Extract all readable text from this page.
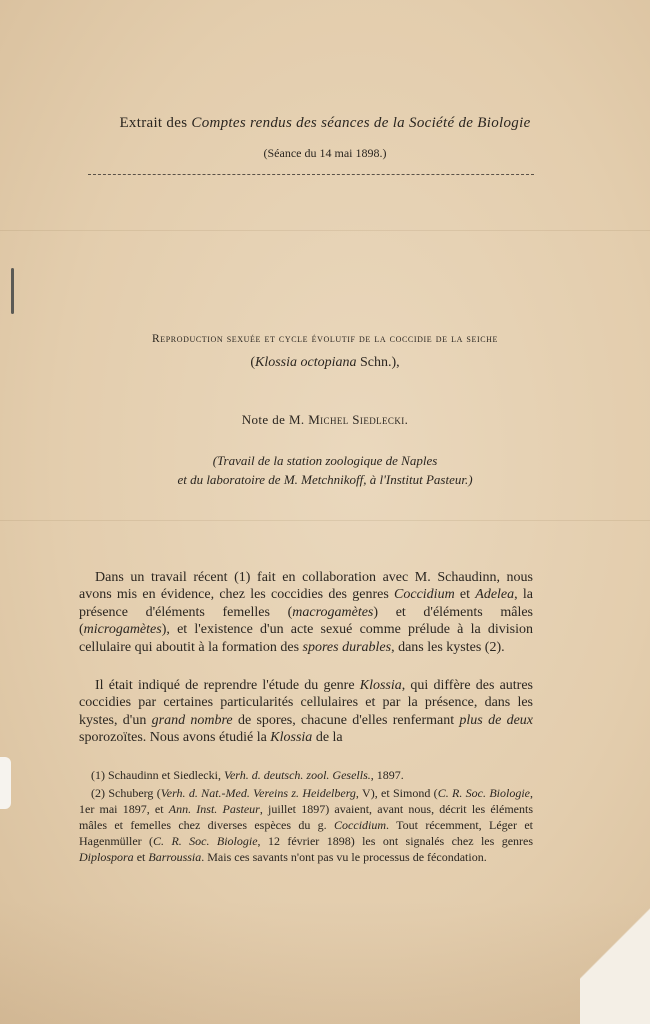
Extrait des Comptes rendus des séances de la Société de Biologie
(Séance du 14 mai 1898.)
Reproduction sexuée et cycle évolutif de la coccidie de la seiche
(Klossia octopiana Schn.),
Note de M. Michel Siedlecki.
(Travail de la station zoologique de Naples
et du laboratoire de M. Metchnikoff, à l'Institut Pasteur.)
Dans un travail récent (1) fait en collaboration avec M. Schaudinn, nous avons mis en évidence, chez les coccidies des genres Coccidium et Adelea, la présence d'éléments femelles (macrogamètes) et d'éléments mâles (microgamètes), et l'existence d'un acte sexué comme prélude à la division cellulaire qui aboutit à la formation des spores durables, dans les kystes (2).
Il était indiqué de reprendre l'étude du genre Klossia, qui diffère des autres coccidies par certaines particularités cellulaires et par la présence, dans les kystes, d'un grand nombre de spores, chacune d'elles renfermant plus de deux sporozoïtes. Nous avons étudié la Klossia de la

(1) Schaudinn et Siedlecki, Verh. d. deutsch. zool. Gesells., 1897.

(2) Schuberg (Verh. d. Nat.-Med. Vereins z. Heidelberg, V), et Simond (C. R. Soc. Biologie, 1er mai 1897, et Ann. Inst. Pasteur, juillet 1897) avaient, avant nous, décrit les éléments mâles et femelles chez diverses espèces du g. Coccidium. Tout récemment, Léger et Hagenmüller (C. R. Soc. Biologie, 12 février 1898) les ont signalés chez les genres Diplospora et Barroussia. Mais ces savants n'ont pas vu le processus de fécondation.
